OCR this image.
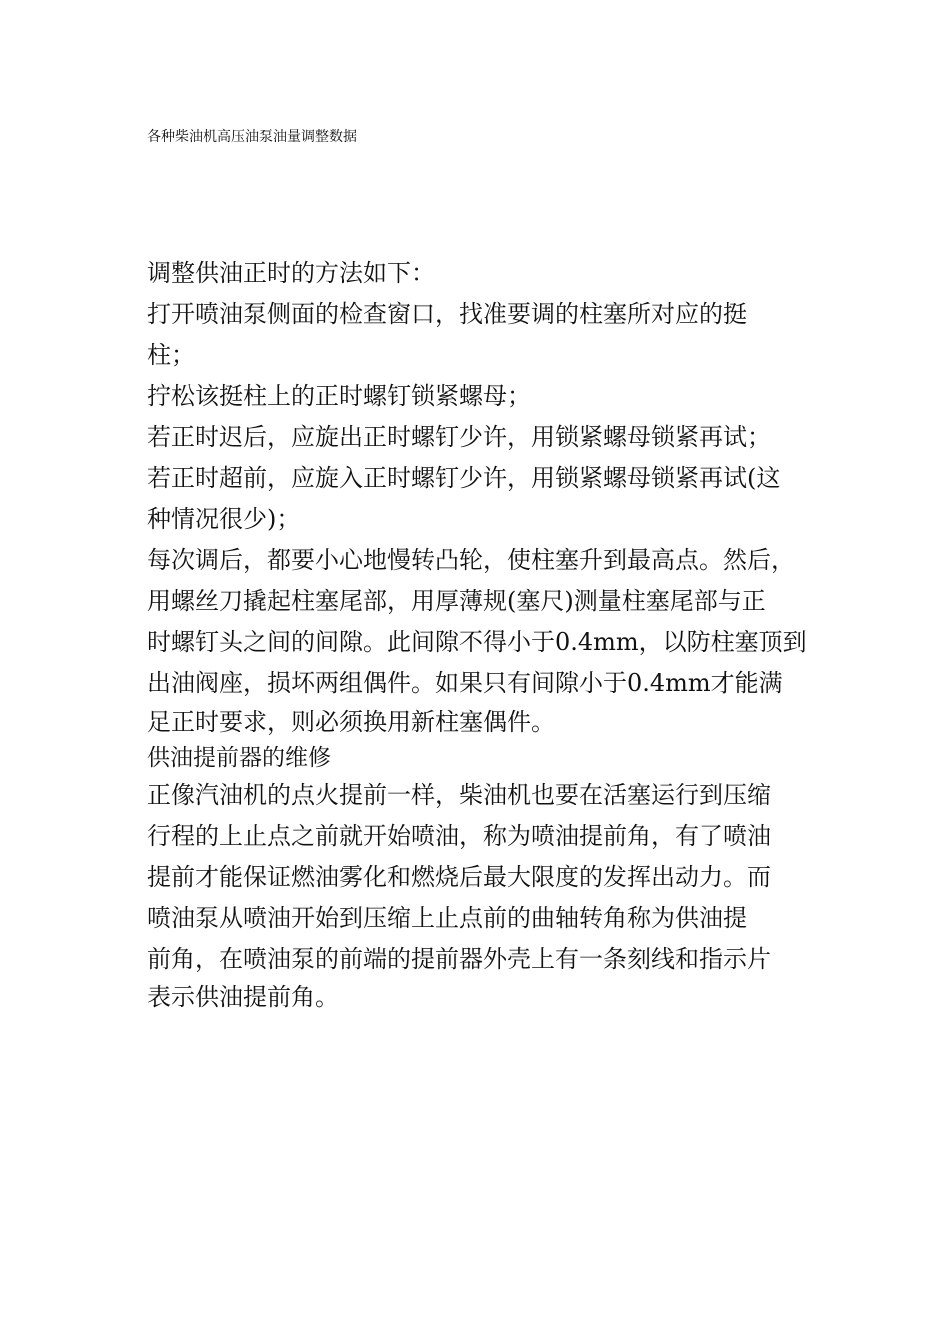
各种柴油机高压油泵油量调整数据
调整供油正时的方法如下：
打开喷油泵侧面的检查窗口，找准要调的柱塞所对应的挺
柱；
拧松该挺柱上的正时螺钉锁紧螺母；
若正时迟后，应旋出正时螺钉少许，用锁紧螺母锁紧再试；
若正时超前，应旋入正时螺钉少许，用锁紧螺母锁紧再试(这
种情况很少)；
每次调后，都要小心地慢转凸轮，使柱塞升到最高点。然后，
用螺丝刀撬起柱塞尾部，用厚薄规(塞尺)测量柱塞尾部与正
时螺钉头之间的间隙。此间隙不得小于0.4mm，以防柱塞顶到
出油阀座，损坏两组偶件。如果只有间隙小于0.4mm才能满
足正时要求，则必须换用新柱塞偶件。
供油提前器的维修
正像汽油机的点火提前一样，柴油机也要在活塞运行到压缩
行程的上止点之前就开始喷油，称为喷油提前角，有了喷油
提前才能保证燃油雾化和燃烧后最大限度的发挥出动力。而
喷油泵从喷油开始到压缩上止点前的曲轴转角称为供油提
前角，在喷油泵的前端的提前器外壳上有一条刻线和指示片
表示供油提前角。
